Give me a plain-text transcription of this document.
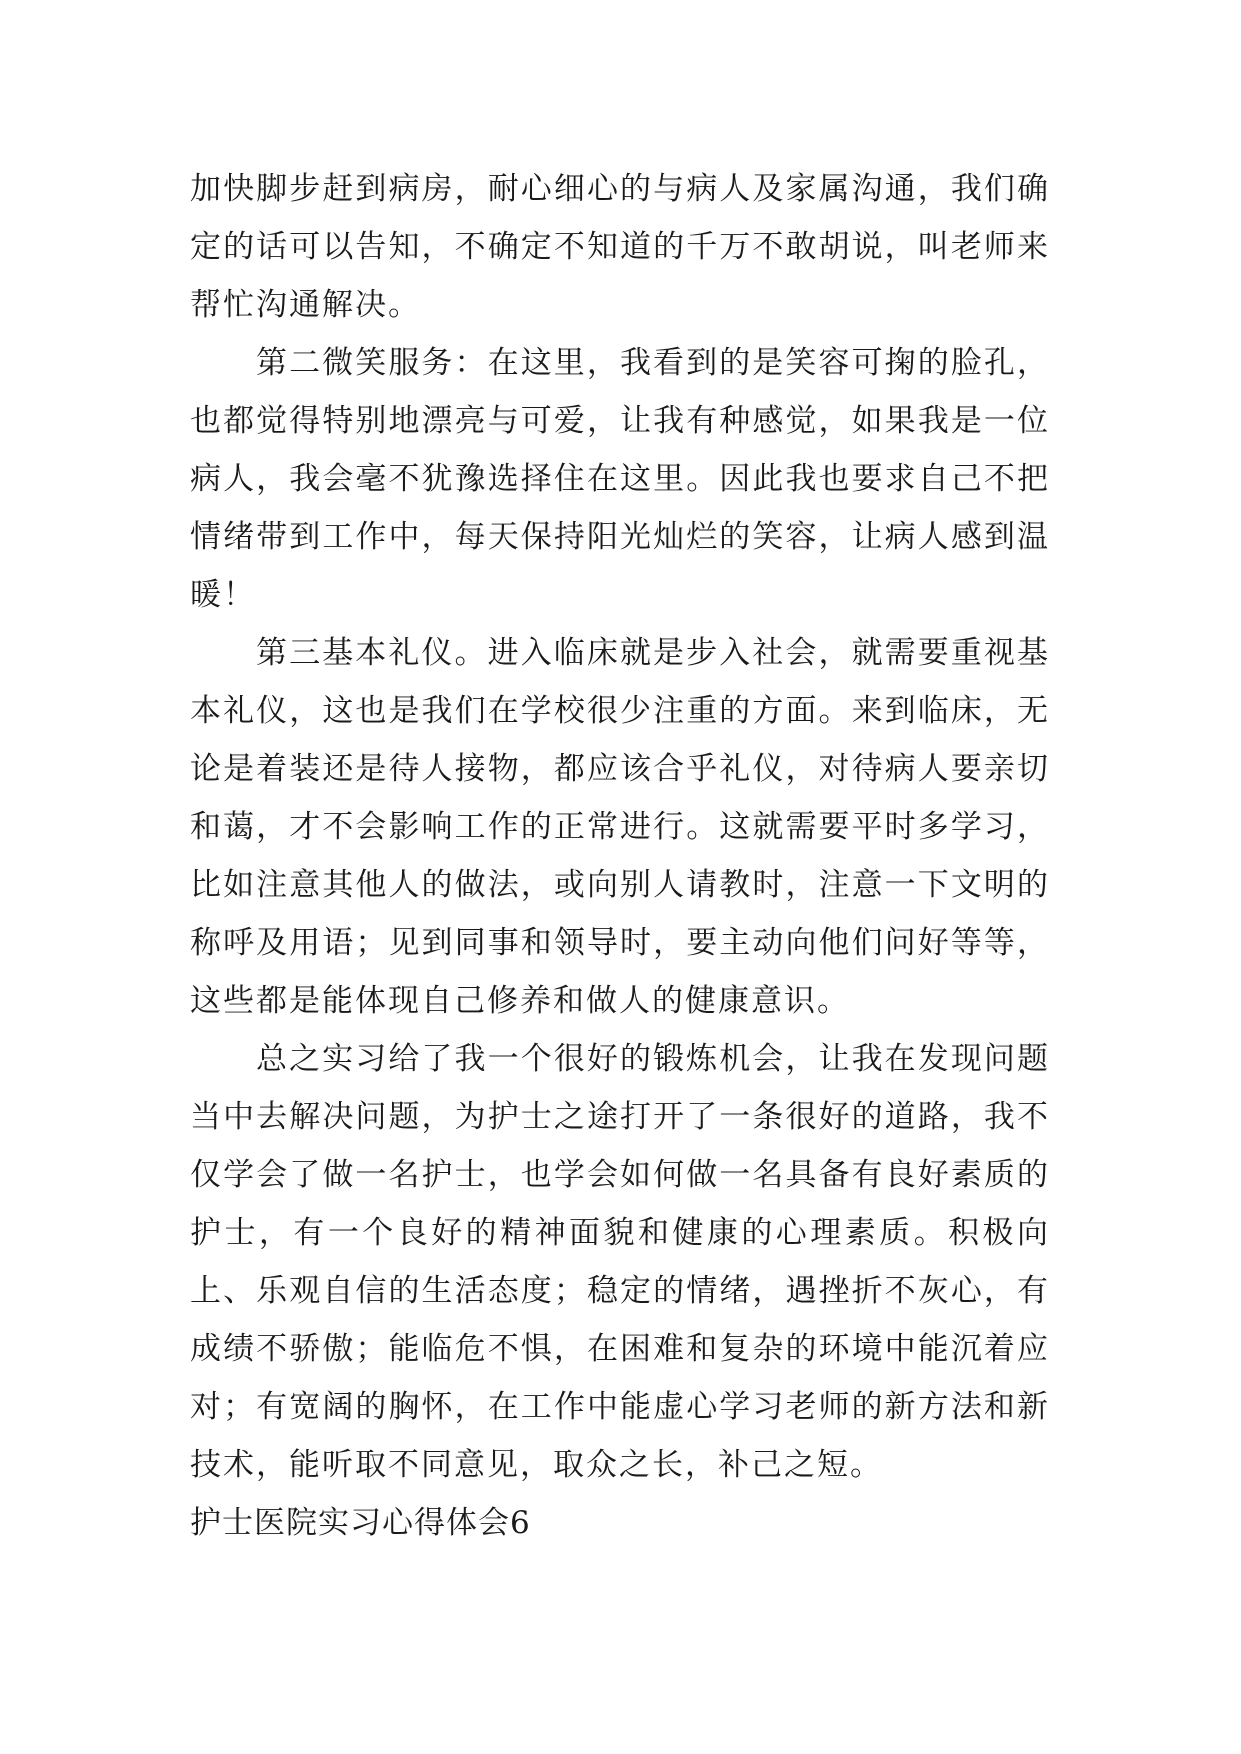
加快脚步赶到病房，耐心细心的与病人及家属沟通，我们确定的话可以告知，不确定不知道的千万不敢胡说，叫老师来帮忙沟通解决。

第二微笑服务：在这里，我看到的是笑容可掬的脸孔，也都觉得特别地漂亮与可爱，让我有种感觉，如果我是一位病人，我会毫不犹豫选择住在这里。因此我也要求自己不把情绪带到工作中，每天保持阳光灿烂的笑容，让病人感到温暖！

第三基本礼仪。进入临床就是步入社会，就需要重视基本礼仪，这也是我们在学校很少注重的方面。来到临床，无论是着装还是待人接物，都应该合乎礼仪，对待病人要亲切和蔼，才不会影响工作的正常进行。这就需要平时多学习，比如注意其他人的做法，或向别人请教时，注意一下文明的称呼及用语；见到同事和领导时，要主动向他们问好等等，这些都是能体现自己修养和做人的健康意识。

总之实习给了我一个很好的锻炼机会，让我在发现问题当中去解决问题，为护士之途打开了一条很好的道路，我不仅学会了做一名护士，也学会如何做一名具备有良好素质的护士，有一个良好的精神面貌和健康的心理素质。积极向上、乐观自信的生活态度；稳定的情绪，遇挫折不灰心，有成绩不骄傲；能临危不惧，在困难和复杂的环境中能沉着应对；有宽阔的胸怀，在工作中能虚心学习老师的新方法和新技术，能听取不同意见，取众之长，补己之短。

护士医院实习心得体会6
